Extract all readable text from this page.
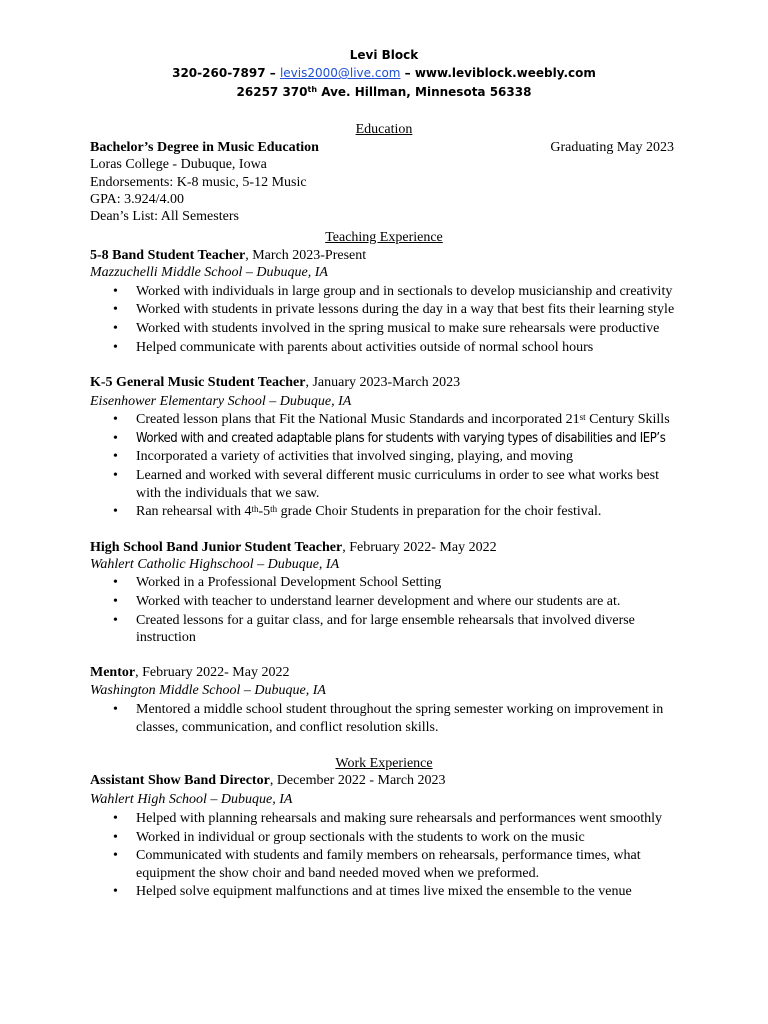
Levi Block
320-260-7897 – levis2000@live.com – www.leviblock.weebly.com
26257 370th Ave. Hillman, Minnesota 56338
Education
Bachelor’s Degree in Music Education	Graduating May 2023
Loras College - Dubuque, Iowa
Endorsements: K-8 music, 5-12 Music
GPA: 3.924/4.00
Dean’s List: All Semesters
Teaching Experience
5-8 Band Student Teacher, March 2023-Present
Mazzuchelli Middle School – Dubuque, IA
• Worked with individuals in large group and in sectionals to develop musicianship and creativity
• Worked with students in private lessons during the day in a way that best fits their learning style
• Worked with students involved in the spring musical to make sure rehearsals were productive
• Helped communicate with parents about activities outside of normal school hours
K-5 General Music Student Teacher, January 2023-March 2023
Eisenhower Elementary School – Dubuque, IA
• Created lesson plans that Fit the National Music Standards and incorporated 21st Century Skills
• Worked with and created adaptable plans for students with varying types of disabilities and IEP’s
• Incorporated a variety of activities that involved singing, playing, and moving
• Learned and worked with several different music curriculums in order to see what works best
with the individuals that we saw.
• Ran rehearsal with 4th-5th grade Choir Students in preparation for the choir festival.
High School Band Junior Student Teacher, February 2022- May 2022
Wahlert Catholic Highschool – Dubuque, IA
• Worked in a Professional Development School Setting
• Worked with teacher to understand learner development and where our students are at.
• Created lessons for a guitar class, and for large ensemble rehearsals that involved diverse
instruction
Mentor, February 2022- May 2022
Washington Middle School – Dubuque, IA
• Mentored a middle school student throughout the spring semester working on improvement in
classes, communication, and conflict resolution skills.
Work Experience
Assistant Show Band Director, December 2022 - March 2023
Wahlert High School – Dubuque, IA
• Helped with planning rehearsals and making sure rehearsals and performances went smoothly
• Worked in individual or group sectionals with the students to work on the music
• Communicated with students and family members on rehearsals, performance times, what
equipment the show choir and band needed moved when we preformed.
• Helped solve equipment malfunctions and at times live mixed the ensemble to the venue
